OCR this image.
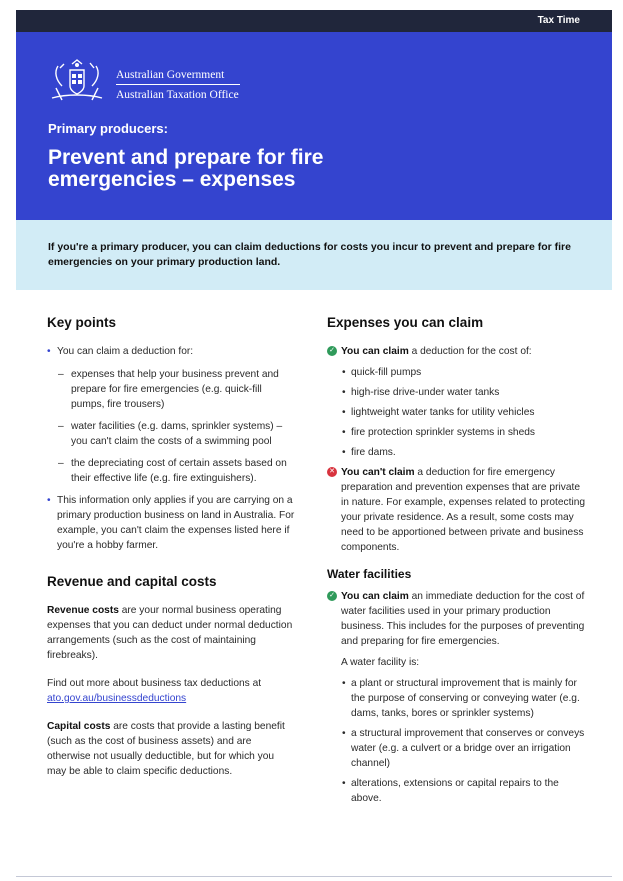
Tax Time
Australian Government
Australian Taxation Office
Primary producers:
Prevent and prepare for fire emergencies – expenses

If you're a primary producer, you can claim deductions for costs you incur to prevent and prepare for fire emergencies on your primary production land.

Key points
• You can claim a deduction for:
– expenses that help your business prevent and prepare for fire emergencies (e.g. quick-fill pumps, fire trousers)
– water facilities (e.g. dams, sprinkler systems) – you can't claim the costs of a swimming pool
– the depreciating cost of certain assets based on their effective life (e.g. fire extinguishers).
• This information only applies if you are carrying on a primary production business on land in Australia. For example, you can't claim the expenses listed here if you're a hobby farmer.
Revenue and capital costs

Revenue costs are your normal business operating expenses that you can deduct under normal deduction arrangements (such as the cost of maintaining firebreaks).

Find out more about business tax deductions at ato.gov.au/businessdeductions

Capital costs are costs that provide a lasting benefit (such as the cost of business assets) and are otherwise not usually deductible, but for which you may be able to claim specific deductions.

Expenses you can claim
✓ You can claim a deduction for the cost of:
• quick-fill pumps
• high-rise drive-under water tanks
• lightweight water tanks for utility vehicles
• fire protection sprinkler systems in sheds
• fire dams.
✕ You can't claim a deduction for fire emergency preparation and prevention expenses that are private in nature. For example, expenses related to protecting your private residence. As a result, some costs may need to be apportioned between private and business components.
Water facilities
✓ You can claim an immediate deduction for the cost of water facilities used in your primary production business. This includes for the purposes of preventing and preparing for fire emergencies.

A water facility is:

• a plant or structural improvement that is mainly for the purpose of conserving or conveying water (e.g. dams, tanks, bores or sprinkler systems)
• a structural improvement that conserves or conveys water (e.g. a culvert or a bridge over an irrigation channel)
• alterations, extensions or capital repairs to the above.
